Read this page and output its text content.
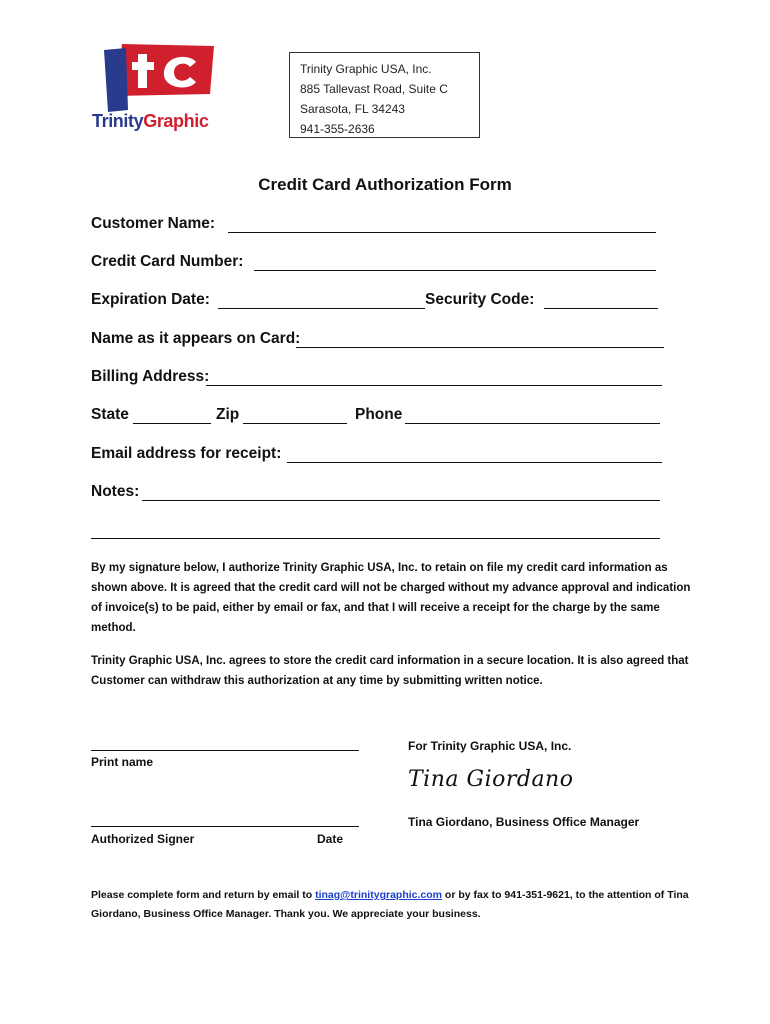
TrinityGraphic
Trinity Graphic USA, Inc.
885 Tallevast Road, Suite C
Sarasota, FL 34243
941-355-2636
Credit Card Authorization Form
Customer Name:
Credit Card Number:
Expiration Date:	Security Code:
Name as it appears on Card:
Billing Address:
State	Zip	Phone
Email address for receipt:
Notes:
By my signature below, I authorize Trinity Graphic USA, Inc. to retain on file my credit card information as shown above. It is agreed that the credit card will not be charged without my advance approval and indication of invoice(s) to be paid, either by email or fax, and that I will receive a receipt for the charge by the same method.
Trinity Graphic USA, Inc. agrees to store the credit card information in a secure location. It is also agreed that Customer can withdraw this authorization at any time by submitting written notice.
Print name
For Trinity Graphic USA, Inc.
Tina Giordano
Authorized Signer	Date
Tina Giordano, Business Office Manager
Please complete form and return by email to tinag@trinitygraphic.com or by fax to 941-351-9621, to the attention of Tina Giordano, Business Office Manager. Thank you. We appreciate your business.
